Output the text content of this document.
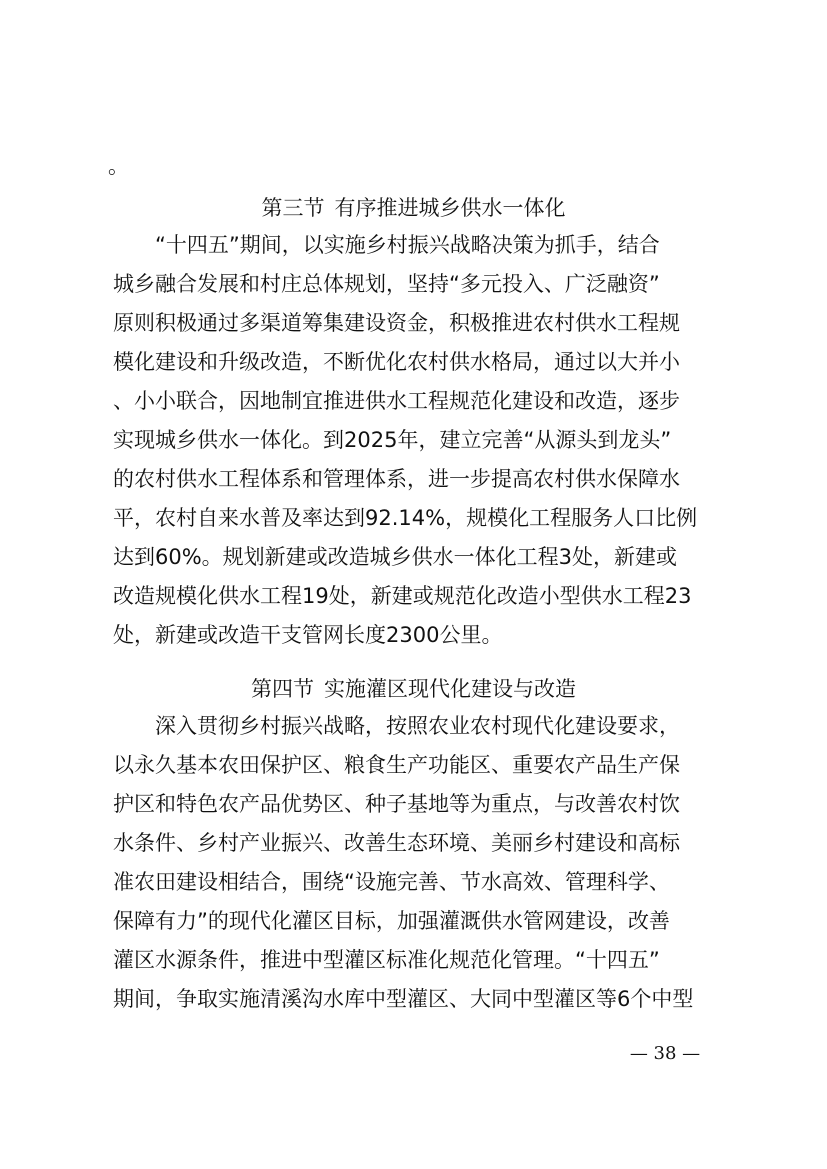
。
第三节 有序推进城乡供水一体化
“十四五”期间，以实施乡村振兴战略决策为抓手，结合
城乡融合发展和村庄总体规划，坚持“多元投入、广泛融资”
原则积极通过多渠道筹集建设资金，积极推进农村供水工程规
模化建设和升级改造，不断优化农村供水格局，通过以大并小
、小小联合，因地制宜推进供水工程规范化建设和改造，逐步
实现城乡供水一体化。到2025年，建立完善“从源头到龙头”
的农村供水工程体系和管理体系，进一步提高农村供水保障水
平，农村自来水普及率达到92.14%，规模化工程服务人口比例
达到60%。规划新建或改造城乡供水一体化工程3处，新建或
改造规模化供水工程19处，新建或规范化改造小型供水工程23
处，新建或改造干支管网长度2300公里。
第四节 实施灌区现代化建设与改造
深入贯彻乡村振兴战略，按照农业农村现代化建设要求，
以永久基本农田保护区、粮食生产功能区、重要农产品生产保
护区和特色农产品优势区、种子基地等为重点，与改善农村饮
水条件、乡村产业振兴、改善生态环境、美丽乡村建设和高标
准农田建设相结合，围绕“设施完善、节水高效、管理科学、
保障有力”的现代化灌区目标，加强灌溉供水管网建设，改善
灌区水源条件，推进中型灌区标准化规范化管理。“十四五”
期间，争取实施清溪沟水库中型灌区、大同中型灌区等6个中型
— 38 —
